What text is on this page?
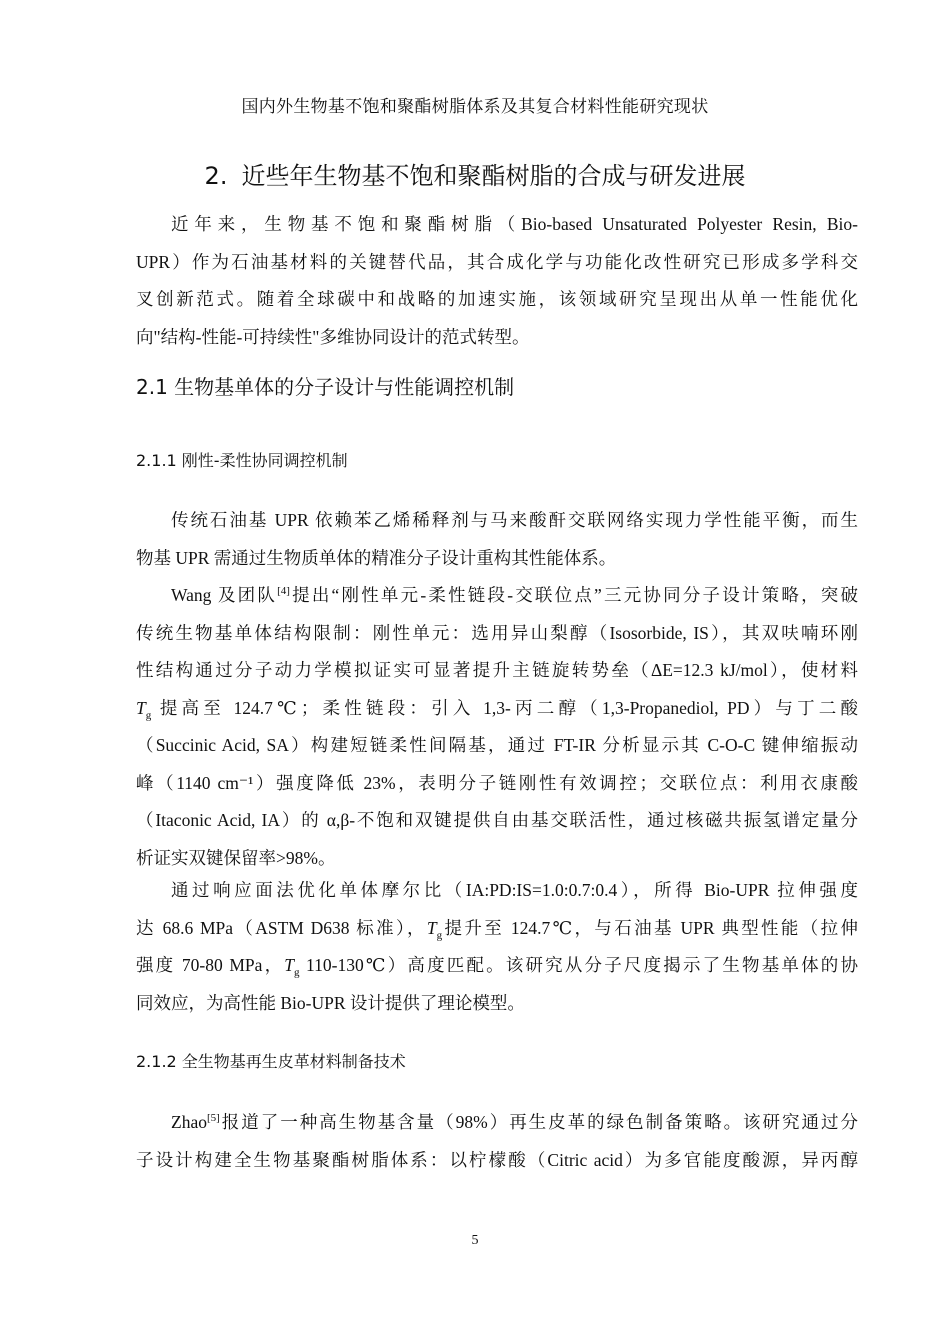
国内外生物基不饱和聚酯树脂体系及其复合材料性能研究现状
2. 近些年生物基不饱和聚酯树脂的合成与研发进展

近年来，生物基不饱和聚酯树脂（Bio-based Unsaturated Polyester Resin, Bio-
UPR）作为石油基材料的关键替代品，其合成化学与功能化改性研究已形成多学科交
叉创新范式。随着全球碳中和战略的加速实施，该领域研究呈现出从单一性能优化
向"结构-性能-可持续性"多维协同设计的范式转型。

2.1 生物基单体的分子设计与性能调控机制
2.1.1 刚性-柔性协同调控机制

传统石油基 UPR 依赖苯乙烯稀释剂与马来酸酐交联网络实现力学性能平衡，而生
物基 UPR 需通过生物质单体的精准分子设计重构其性能体系。

Wang 及团队[4]提出“刚性单元-柔性链段-交联位点”三元协同分子设计策略，突破
传统生物基单体结构限制：刚性单元：选用异山梨醇（Isosorbide, IS），其双呋喃环刚
性结构通过分子动力学模拟证实可显著提升主链旋转势垒（ΔE=12.3 kJ/mol），使材料
$T_g$ 提高至 124.7℃；柔性链段：引入 1,3-丙二醇（1,3-Propanediol, PD）与丁二酸
（Succinic Acid, SA）构建短链柔性间隔基，通过 FT-IR 分析显示其 C-O-C 键伸缩振动
峰（1140 cm⁻¹）强度降低 23%，表明分子链刚性有效调控；交联位点：利用衣康酸
（Itaconic Acid, IA）的 α,β-不饱和双键提供自由基交联活性，通过核磁共振氢谱定量分
析证实双键保留率>98%。

通过响应面法优化单体摩尔比（IA:PD:IS=1.0:0.7:0.4），所得 Bio-UPR 拉伸强度
达 68.6 MPa（ASTM D638 标准），$T_g$提升至 124.7℃，与石油基 UPR 典型性能（拉伸
强度 70-80 MPa，$T_g$ 110-130℃）高度匹配。该研究从分子尺度揭示了生物基单体的协
同效应，为高性能 Bio-UPR 设计提供了理论模型。

2.1.2 全生物基再生皮革材料制备技术

Zhao[5]报道了一种高生物基含量（98%）再生皮革的绿色制备策略。该研究通过分
子设计构建全生物基聚酯树脂体系：以柠檬酸（Citric acid）为多官能度酸源，异丙醇

5
